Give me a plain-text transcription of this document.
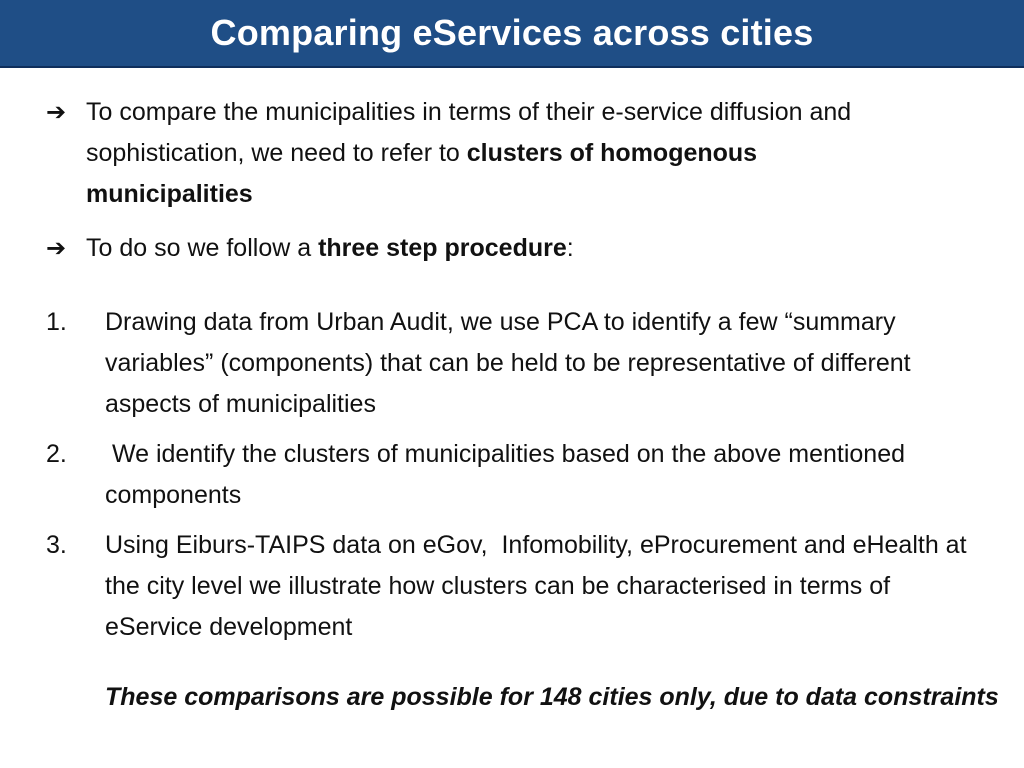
Comparing eServices across cities
➔ To compare the municipalities in terms of their e-service diffusion and sophistication, we need to refer to clusters of homogenous municipalities
➔ To do so we follow a three step procedure:
1.	Drawing data from Urban Audit, we use PCA to identify a few “summary variables” (components) that can be held to be representative of different aspects of municipalities
2.	We identify the clusters of municipalities based on the above mentioned components
3.	Using Eiburs-TAIPS data on eGov,  Infomobility, eProcurement and eHealth at the city level we illustrate how clusters can be characterised in terms of eService development
These comparisons are possible for 148 cities only, due to data constraints
